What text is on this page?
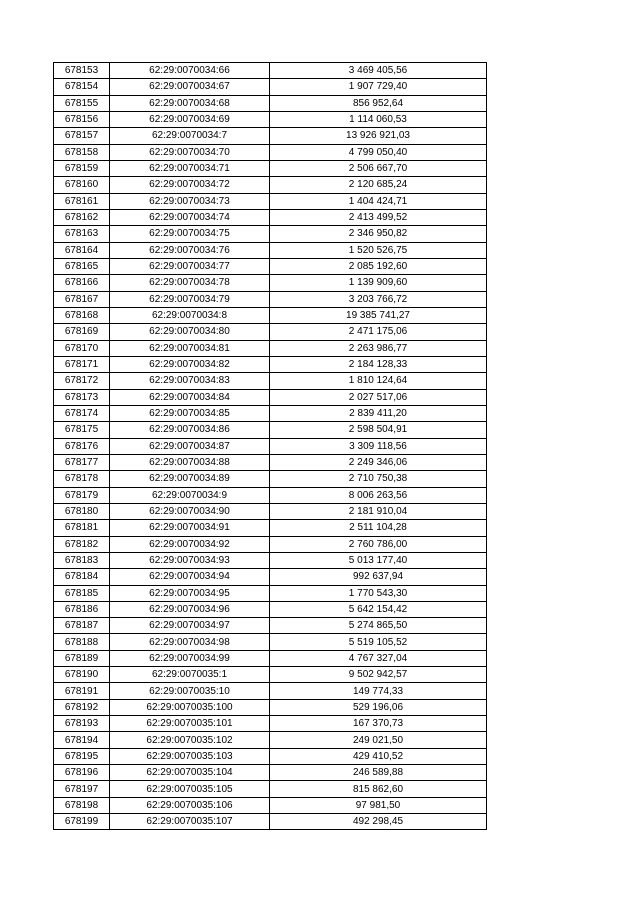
678153	62:29:0070034:66	3 469 405,56
678154	62:29:0070034:67	1 907 729,40
678155	62:29:0070034:68	856 952,64
678156	62:29:0070034:69	1 114 060,53
678157	62:29:0070034:7	13 926 921,03
678158	62:29:0070034:70	4 799 050,40
678159	62:29:0070034:71	2 506 667,70
678160	62:29:0070034:72	2 120 685,24
678161	62:29:0070034:73	1 404 424,71
678162	62:29:0070034:74	2 413 499,52
678163	62:29:0070034:75	2 346 950,82
678164	62:29:0070034:76	1 520 526,75
678165	62:29:0070034:77	2 085 192,60
678166	62:29:0070034:78	1 139 909,60
678167	62:29:0070034:79	3 203 766,72
678168	62:29:0070034:8	19 385 741,27
678169	62:29:0070034:80	2 471 175,06
678170	62:29:0070034:81	2 263 986,77
678171	62:29:0070034:82	2 184 128,33
678172	62:29:0070034:83	1 810 124,64
678173	62:29:0070034:84	2 027 517,06
678174	62:29:0070034:85	2 839 411,20
678175	62:29:0070034:86	2 598 504,91
678176	62:29:0070034:87	3 309 118,56
678177	62:29:0070034:88	2 249 346,06
678178	62:29:0070034:89	2 710 750,38
678179	62:29:0070034:9	8 006 263,56
678180	62:29:0070034:90	2 181 910,04
678181	62:29:0070034:91	2 511 104,28
678182	62:29:0070034:92	2 760 786,00
678183	62:29:0070034:93	5 013 177,40
678184	62:29:0070034:94	992 637,94
678185	62:29:0070034:95	1 770 543,30
678186	62:29:0070034:96	5 642 154,42
678187	62:29:0070034:97	5 274 865,50
678188	62:29:0070034:98	5 519 105,52
678189	62:29:0070034:99	4 767 327,04
678190	62:29:0070035:1	9 502 942,57
678191	62:29:0070035:10	149 774,33
678192	62:29:0070035:100	529 196,06
678193	62:29:0070035:101	167 370,73
678194	62:29:0070035:102	249 021,50
678195	62:29:0070035:103	429 410,52
678196	62:29:0070035:104	246 589,88
678197	62:29:0070035:105	815 862,60
678198	62:29:0070035:106	97 981,50
678199	62:29:0070035:107	492 298,45
